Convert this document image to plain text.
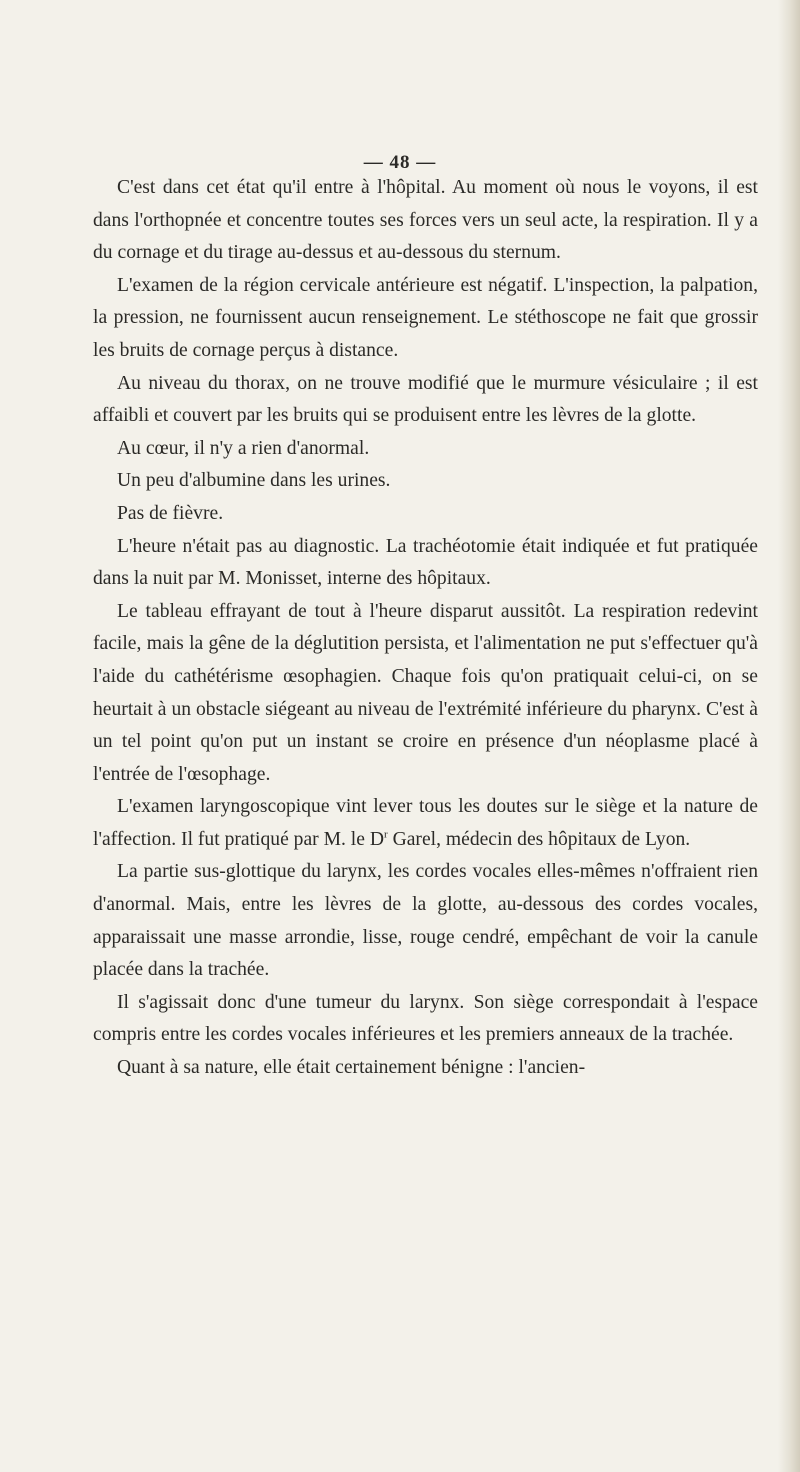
— 48 —

C'est dans cet état qu'il entre à l'hôpital. Au moment où nous le voyons, il est dans l'orthopnée et concentre toutes ses forces vers un seul acte, la respiration. Il y a du cornage et du tirage au-dessus et au-dessous du sternum.

L'examen de la région cervicale antérieure est négatif. L'inspection, la palpation, la pression, ne fournissent aucun renseignement. Le stéthoscope ne fait que grossir les bruits de cornage perçus à distance.

Au niveau du thorax, on ne trouve modifié que le murmure vésiculaire ; il est affaibli et couvert par les bruits qui se produisent entre les lèvres de la glotte.

Au cœur, il n'y a rien d'anormal.

Un peu d'albumine dans les urines.

Pas de fièvre.

L'heure n'était pas au diagnostic. La trachéotomie était indiquée et fut pratiquée dans la nuit par M. Monisset, interne des hôpitaux.

Le tableau effrayant de tout à l'heure disparut aussitôt. La respiration redevint facile, mais la gêne de la déglutition persista, et l'alimentation ne put s'effectuer qu'à l'aide du cathétérisme œsophagien. Chaque fois qu'on pratiquait celui-ci, on se heurtait à un obstacle siégeant au niveau de l'extrémité inférieure du pharynx. C'est à un tel point qu'on put un instant se croire en présence d'un néoplasme placé à l'entrée de l'œsophage.

L'examen laryngoscopique vint lever tous les doutes sur le siège et la nature de l'affection. Il fut pratiqué par M. le $D^r$ Garel, médecin des hôpitaux de Lyon.

La partie sus-glottique du larynx, les cordes vocales elles-mêmes n'offraient rien d'anormal. Mais, entre les lèvres de la glotte, au-dessous des cordes vocales, apparaissait une masse arrondie, lisse, rouge cendré, empêchant de voir la canule placée dans la trachée.

Il s'agissait donc d'une tumeur du larynx. Son siège correspondait à l'espace compris entre les cordes vocales inférieures et les premiers anneaux de la trachée.

Quant à sa nature, elle était certainement bénigne : l'ancien-
